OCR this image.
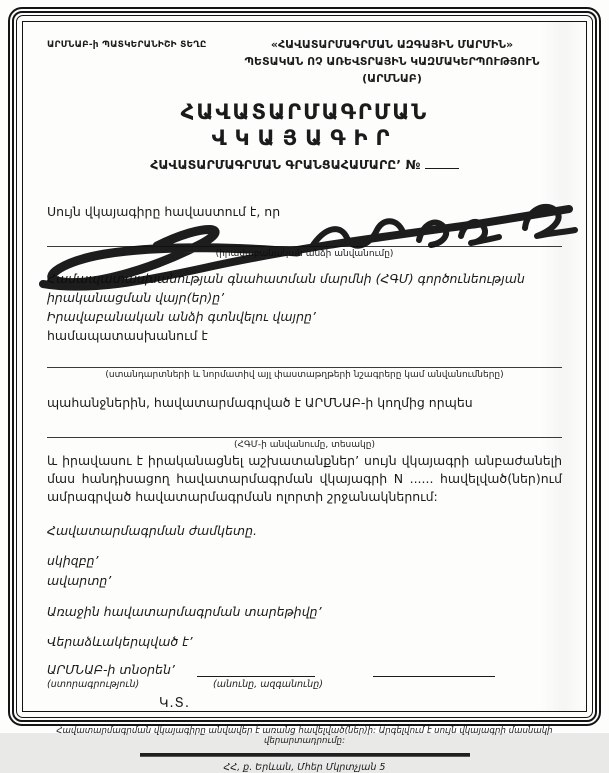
ԱՐՄՆԱԲ-ի ՊԱՏԿԵՐԱՆԻՇԻ ՏԵՂԸ	«ՀԱՎԱՏԱՐՄԱԳՐՄԱՆ ԱԶԳԱՅԻՆ ՄԱՐՄԻՆ»
ՊԵՏԱԿԱՆ ՈՉ ԱՌԵՎՏՐԱՅԻՆ ԿԱԶՄԱԿԵՐՊՈՒԹՅՈՒՆ (ԱՐՄՆԱԲ)
ՀԱՎԱՏԱՐՄԱԳՐՄԱՆ
ՎԿԱՅԱԳԻՐ
ՀԱՎԱՏԱՐՄԱԳՐՄԱՆ ԳՐԱՆՑԱՀԱՄԱՐԸ’ №
Սույն վկայագիրը հավաստում է, որ
(իրավաբանական անձի անվանումը)
Համապատասխանության գնահատման մարմնի (ՀԳՄ) գործունեության իրականացման վայր(եր)ը’
Իրավաբանական անձի գտնվելու վայրը’
համապատասխանում է
(ստանդարտների և նորմատիվ այլ փաստաթղթերի նշագրերը կամ անվանումները)
պահանջներին, հավատարմագրված է ԱՐՄՆԱԲ-ի կողմից որպես
(ՀԳՄ-ի անվանումը, տեսակը)
և իրավասու է իրականացնել աշխատանքներ’ սույն վկայագրի անբաժանելի մաս հանդիսացող հավատարմագրման վկայագրի N ...... հավելված(ներ)ում ամրագրված հավատարմագրման ոլորտի շրջանակներում:
Հավատարմագրման ժամկետը.
սկիզբը’
ավարտը’
Առաջին հավատարմագրման տարեթիվը’
Վերաձևակերպված է’
ԱՐՄՆԱԲ-ի տնօրեն’
(ստորագրություն)	(անունը, ազգանունը)
Կ.Տ.
Հավատարմագրման վկայագիրը անվավեր է առանց հավելված(ներ)ի: Արգելվում է սույն վկայագրի մասնակի վերարտադրումը:
ՀՀ, ք. Երևան, Մհեր Մկրտչյան 5
